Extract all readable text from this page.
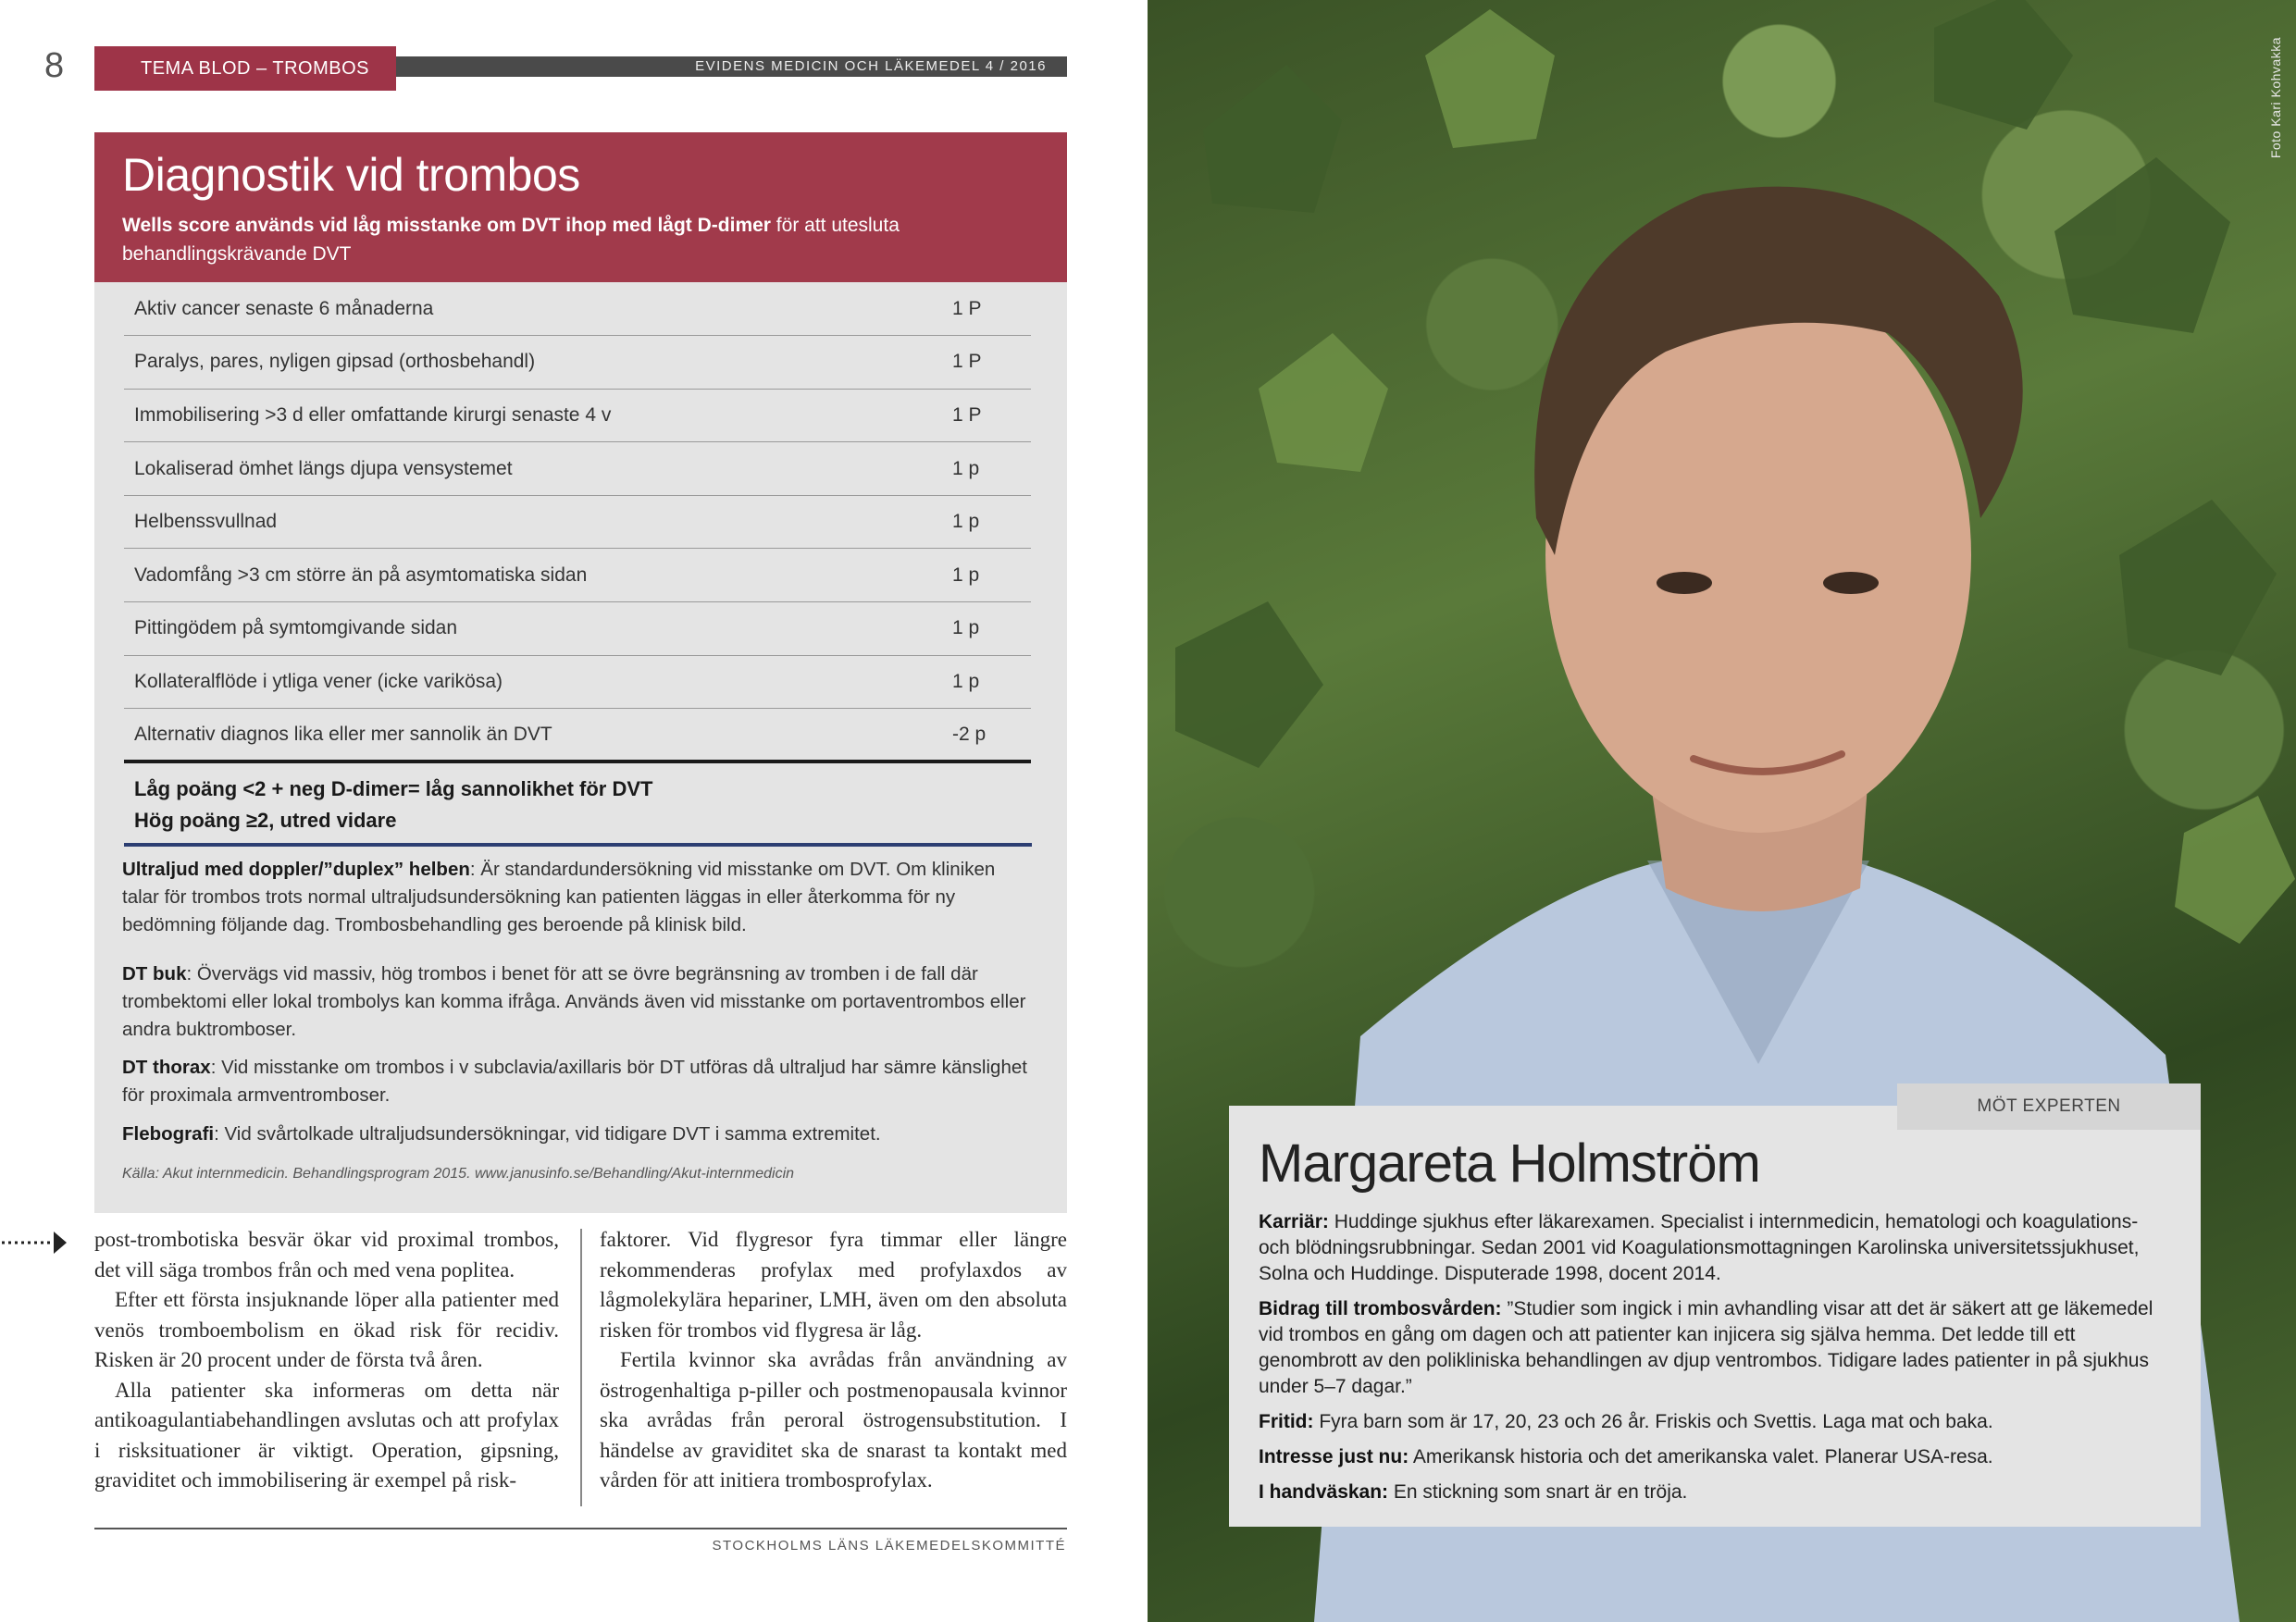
8	TEMA BLOD – TROMBOS	EVIDENS MEDICIN OCH LÄKEMEDEL 4 / 2016
Diagnostik vid trombos
Wells score används vid låg misstanke om DVT ihop med lågt D-dimer för att utesluta behandlingskrävande DVT
Aktiv cancer senaste 6 månaderna	1 P
Paralys, pares, nyligen gipsad (orthosbehandl)	1 P
Immobilisering >3 d eller omfattande kirurgi senaste 4 v	1 P
Lokaliserad ömhet längs djupa vensystemet	1 p
Helbenssvullnad	1 p
Vadomfång >3 cm större än på asymtomatiska sidan	1 p
Pittingödem på symtomgivande sidan	1 p
Kollateralflöde i ytliga vener (icke varikösa)	1 p
Alternativ diagnos lika eller mer sannolik än DVT	-2 p
Låg poäng <2 + neg D-dimer= låg sannolikhet för DVT
Hög poäng ≥2, utred vidare
Ultraljud med doppler/”duplex” helben: Är standardundersökning vid misstanke om DVT. Om kliniken talar för trombos trots normal ultraljudsundersökning kan patienten läggas in eller återkomma för ny bedömning följande dag. Trombosbehandling ges beroende på klinisk bild.
DT buk: Övervägs vid massiv, hög trombos i benet för att se övre begränsning av tromben i de fall där trombektomi eller lokal trombolys kan komma ifråga. Används även vid misstanke om portaventrombos eller andra buktromboser.
DT thorax: Vid misstanke om trombos i v subclavia/axillaris bör DT utföras då ultraljud har sämre känslighet för proximala armventromboser.
Flebografi: Vid svårtolkade ultraljudsundersökningar, vid tidigare DVT i samma extremitet.
Källa: Akut internmedicin. Behandlingsprogram 2015. www.janusinfo.se/Behandling/Akut-internmedicin

post-trombotiska besvär ökar vid proximal trombos, det vill säga trombos från och med vena poplitea.

Efter ett första insjuknande löper alla patienter med venös tromboembolism en ökad risk för recidiv. Risken är 20 procent under de första två åren.

Alla patienter ska informeras om detta när antikoagulantiabehandlingen avslutas och att profylax i risksituationer är viktigt. Operation, gipsning, graviditet och immobilisering är exempel på risk-

faktorer. Vid flygresor fyra timmar eller längre rekommenderas profylax med profylaxdos av lågmolekylära hepariner, LMH, även om den absoluta risken för trombos vid flygresa är låg.

Fertila kvinnor ska avrådas från användning av östrogenhaltiga p-piller och postmenopausala kvinnor ska avrådas från peroral östrogensubstitution. I händelse av graviditet ska de snarast ta kontakt med vården för att initiera trombosprofylax.

STOCKHOLMS LÄNS LÄKEMEDELSKOMMITTÉ
Foto Kari Kohvakka
Margareta Holmström
Karriär: Huddinge sjukhus efter läkarexamen. Specialist i internmedicin, hematologi och koagulations- och blödningsrubbningar. Sedan 2001 vid Koagulationsmottagningen Karolinska universitetssjukhuset, Solna och Huddinge. Disputerade 1998, docent 2014.
Bidrag till trombosvården: ”Studier som ingick i min avhandling visar att det är säkert att ge läkemedel vid trombos en gång om dagen och att patienter kan injicera sig själva hemma. Det ledde till ett genombrott av den polikliniska behandlingen av djup ventrombos. Tidigare lades patienter in på sjukhus under 5–7 dagar.”
Fritid: Fyra barn som är 17, 20, 23 och 26 år. Friskis och Svettis. Laga mat och baka.
Intresse just nu: Amerikansk historia och det amerikanska valet. Planerar USA-resa.
I handväskan: En stickning som snart är en tröja.
MÖT EXPERTEN
